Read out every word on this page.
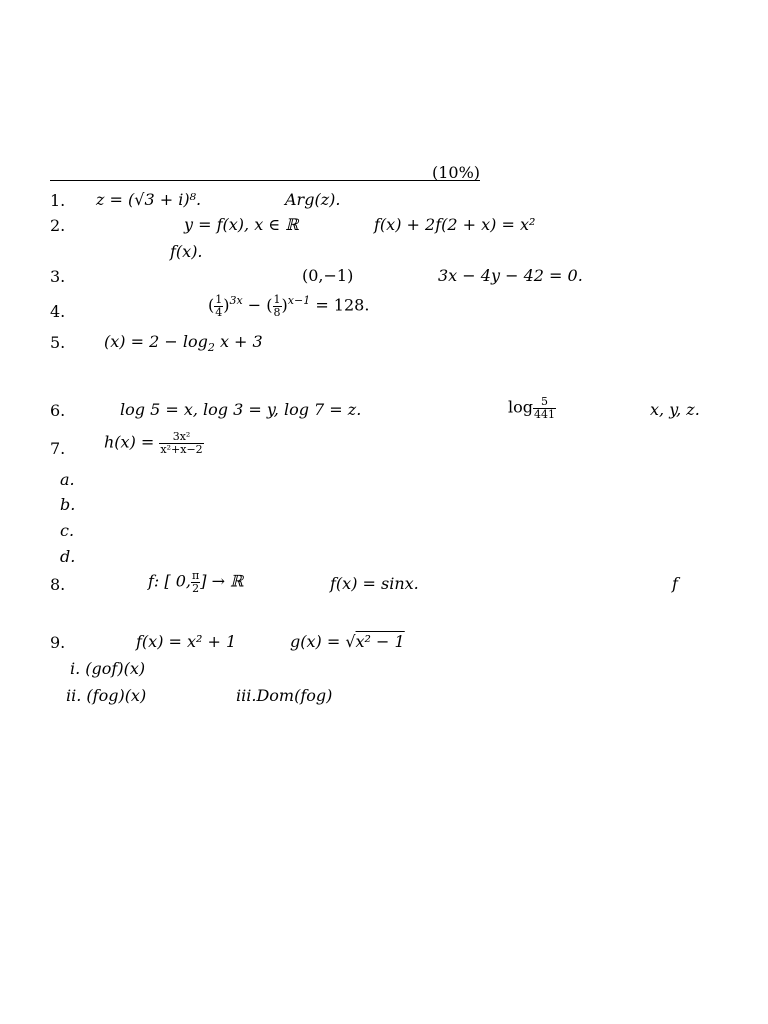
(10%)
1. z = (√3 + i)⁸.	Arg(z).
2.	y = f(x), x ∈ ℝ	f(x) + 2f(2 + x) = x²
f(x).
3.	(0,−1)	3x − 4y − 42 = 0.
4.	( $\frac{1}{4} )^{3x}$ − ( $\frac{1}{8} )^{x-1} = 128$.
5. $(x) = 2 - \log_2 x + 3$
6.	log 5 = x, log 3 = y, log 7 = z.	$\log \frac{5}{441}$	x, y, z.
7. $h(x) = \frac{\text{3x²}}{\text{x²+x−2}}$
a.
b.
c.
d.
8.	f: [ 0, $\frac{\pi}{2}$ ] → ℝ	f(x) = sinx.	f
9.	f(x) = x² + 1	g(x) = √x² − 1
i. (gof)(x)
ii. (fog)(x)	iii.Dom(fog)
